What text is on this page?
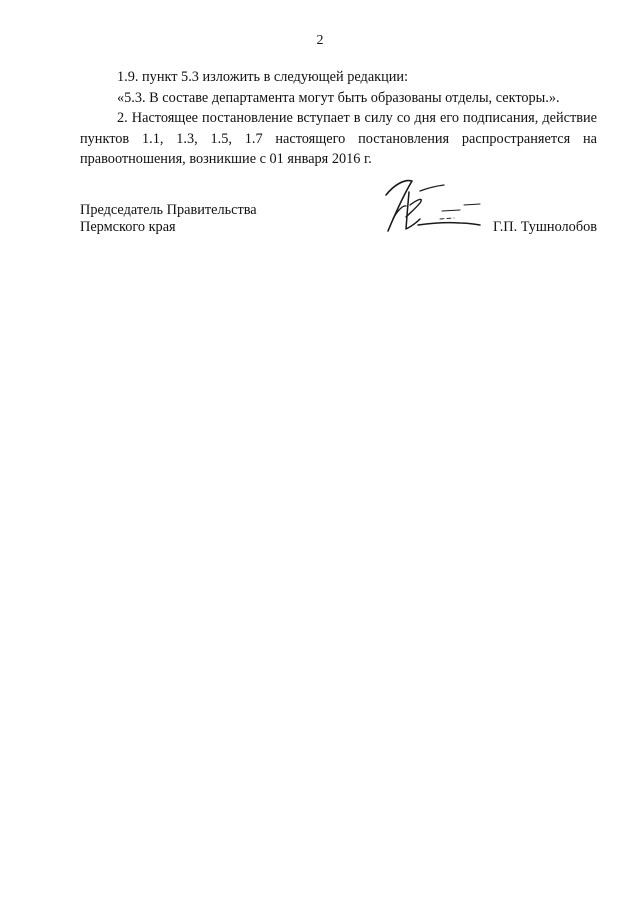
2

1.9. пункт 5.3 изложить в следующей редакции:

«5.3. В составе департамента могут быть образованы отделы, секторы.».

2. Настоящее постановление вступает в силу со дня его подписания, действие пунктов 1.1, 1.3, 1.5, 1.7 настоящего постановления распространяется на правоотношения, возникшие с 01 января 2016 г.

Председатель Правительства
Пермского края	Г.П. Тушнолобов
